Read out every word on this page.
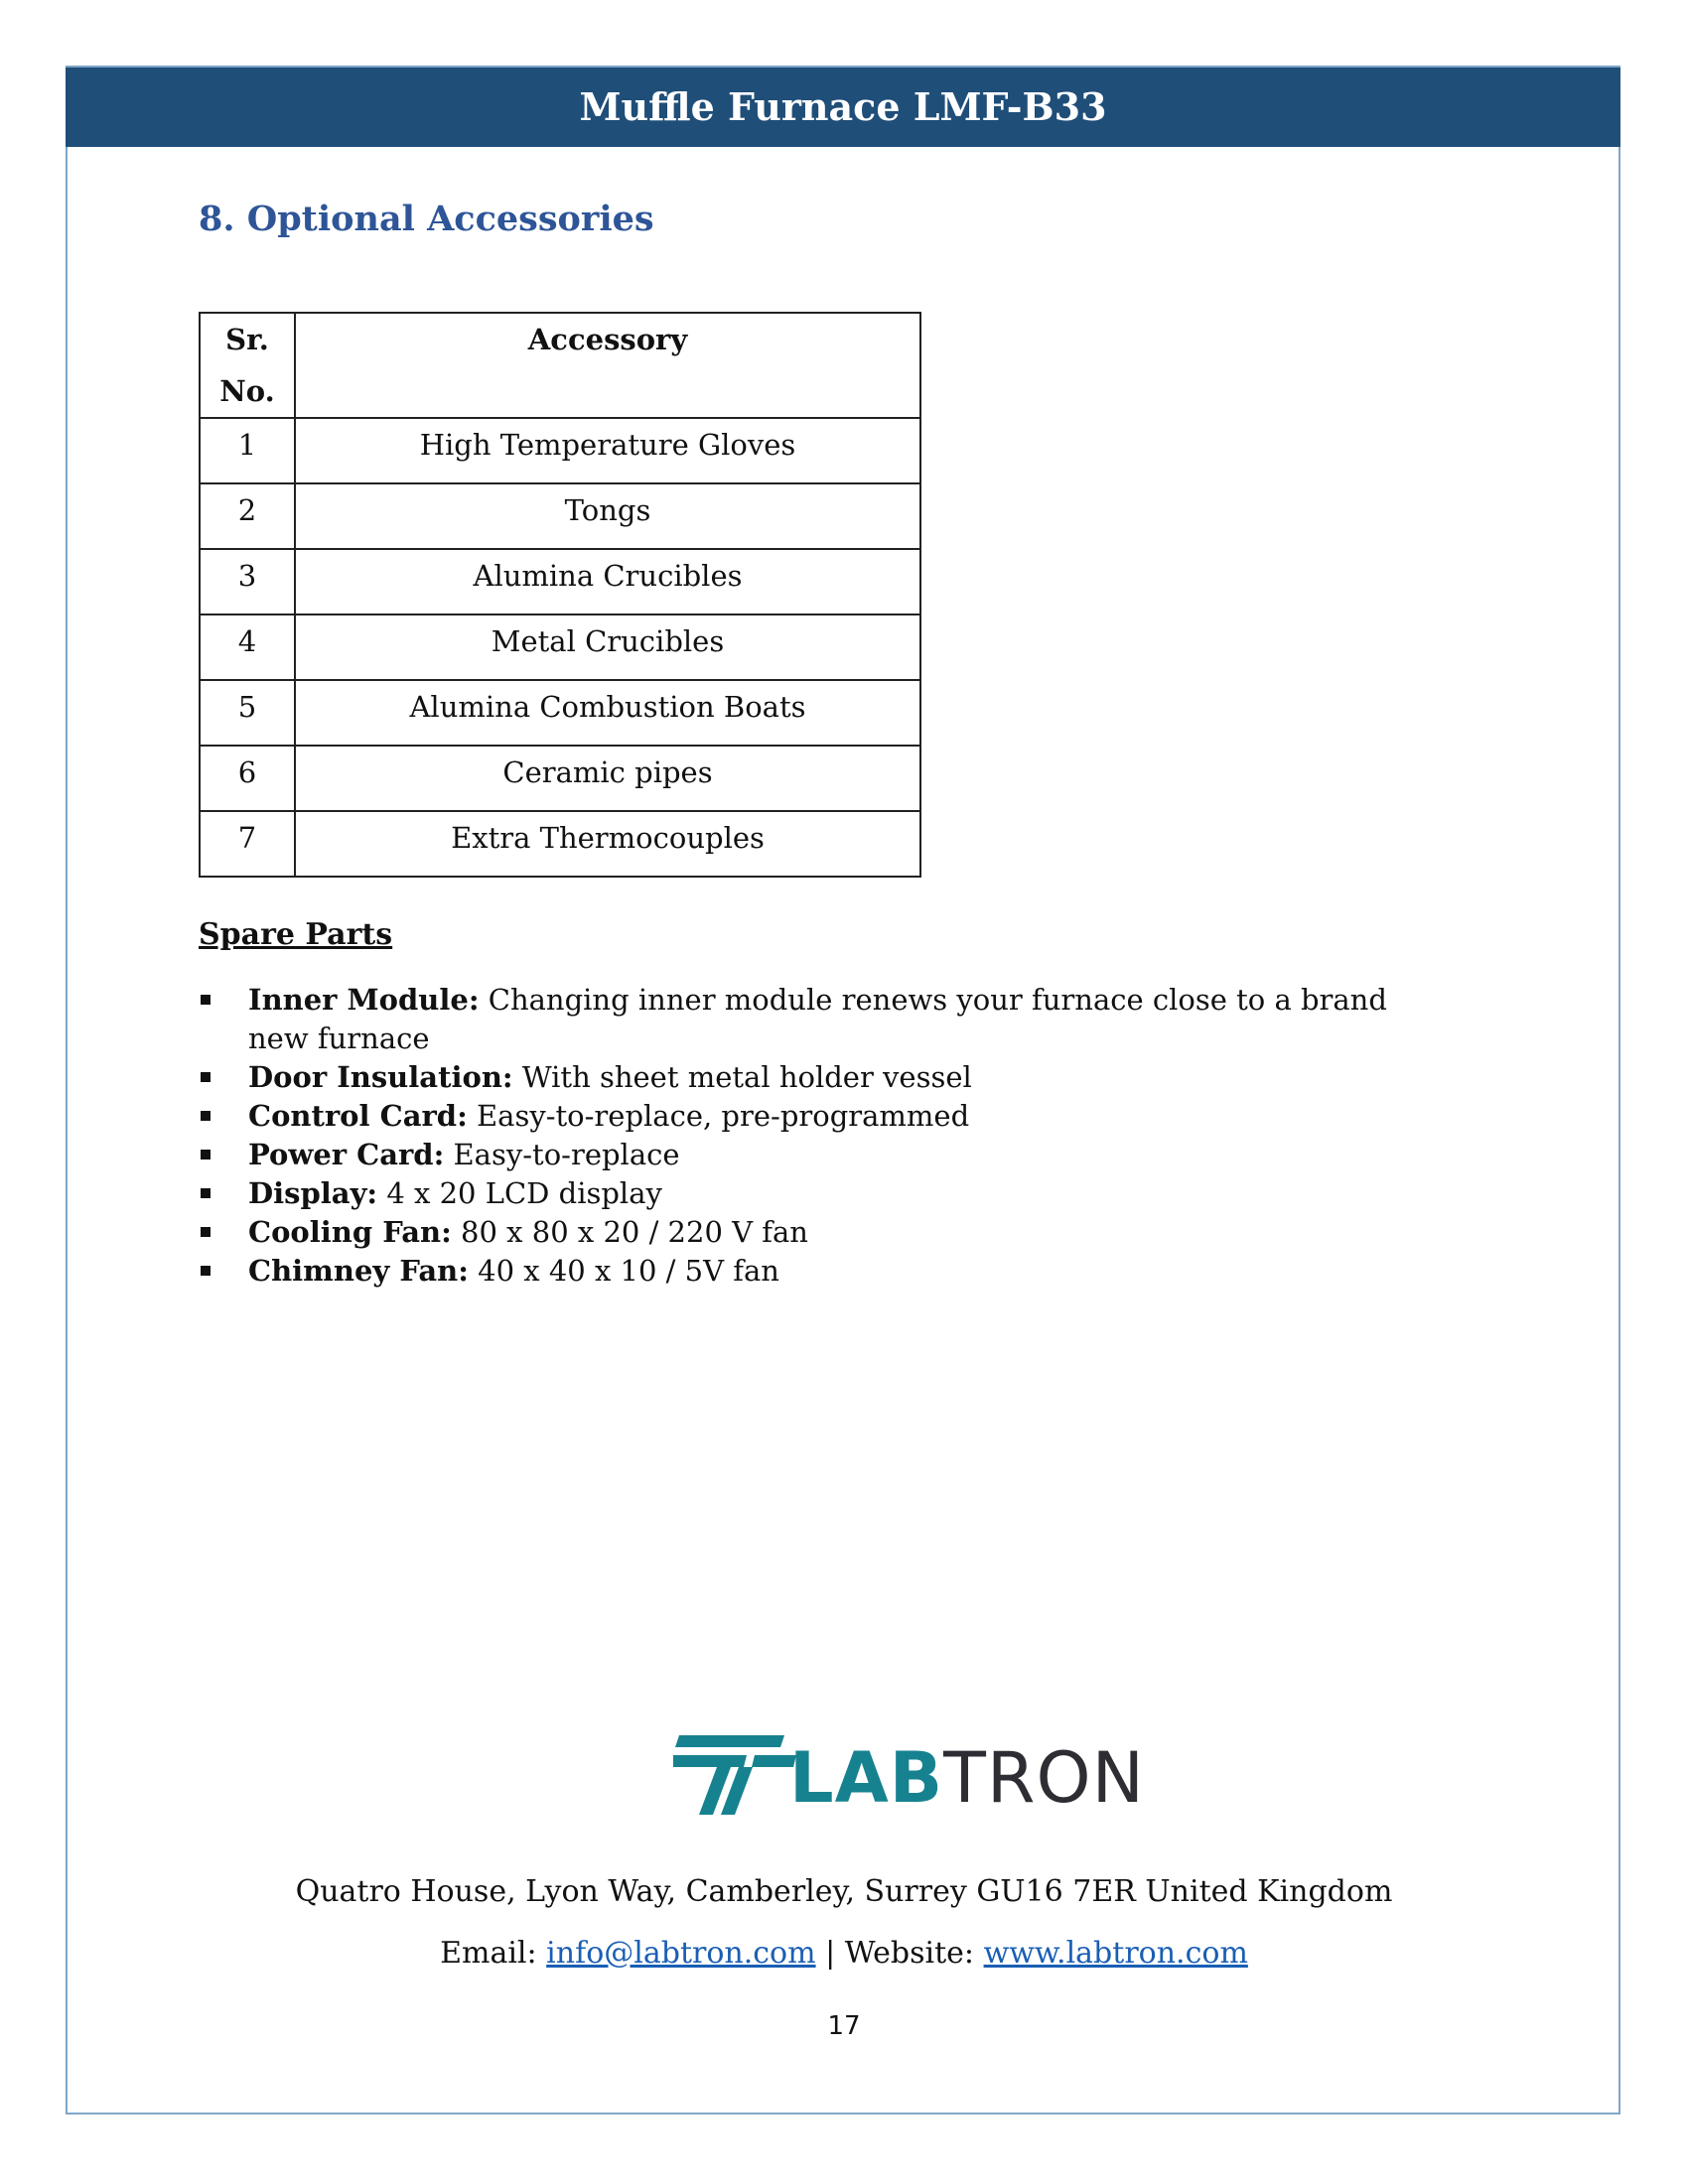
Muffle Furnace LMF-B33
8. Optional Accessories
Sr. No.	Accessory
1	High Temperature Gloves
2	Tongs
3	Alumina Crucibles
4	Metal Crucibles
5	Alumina Combustion Boats
6	Ceramic pipes
7	Extra Thermocouples
Spare Parts
Inner Module: Changing inner module renews your furnace close to a brand new furnace
Door Insulation: With sheet metal holder vessel
Control Card: Easy-to-replace, pre-programmed
Power Card: Easy-to-replace
Display: 4 x 20 LCD display
Cooling Fan: 80 x 80 x 20 / 220 V fan
Chimney Fan: 40 x 40 x 10 / 5V fan
LABTRON
Quatro House, Lyon Way, Camberley, Surrey GU16 7ER United Kingdom
Email: info@labtron.com | Website: www.labtron.com
17
